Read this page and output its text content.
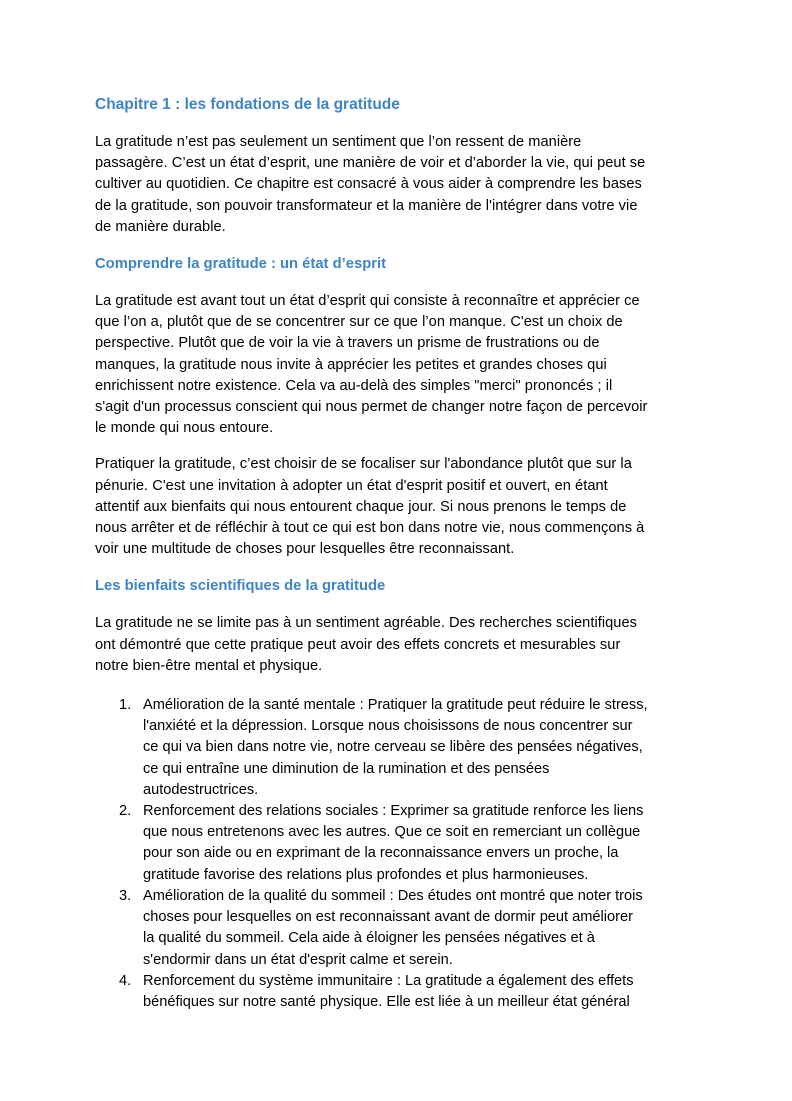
Chapitre 1 : les fondations de la gratitude

La gratitude n’est pas seulement un sentiment que l’on ressent de manière
passagère. C’est un état d’esprit, une manière de voir et d’aborder la vie, qui peut se
cultiver au quotidien. Ce chapitre est consacré à vous aider à comprendre les bases
de la gratitude, son pouvoir transformateur et la manière de l'intégrer dans votre vie
de manière durable.

Comprendre la gratitude : un état d’esprit

La gratitude est avant tout un état d’esprit qui consiste à reconnaître et apprécier ce
que l’on a, plutôt que de se concentrer sur ce que l’on manque. C'est un choix de
perspective. Plutôt que de voir la vie à travers un prisme de frustrations ou de
manques, la gratitude nous invite à apprécier les petites et grandes choses qui
enrichissent notre existence. Cela va au-delà des simples "merci" prononcés ; il
s'agit d'un processus conscient qui nous permet de changer notre façon de percevoir
le monde qui nous entoure.

Pratiquer la gratitude, c’est choisir de se focaliser sur l'abondance plutôt que sur la
pénurie. C'est une invitation à adopter un état d'esprit positif et ouvert, en étant
attentif aux bienfaits qui nous entourent chaque jour. Si nous prenons le temps de
nous arrêter et de réfléchir à tout ce qui est bon dans notre vie, nous commençons à
voir une multitude de choses pour lesquelles être reconnaissant.

Les bienfaits scientifiques de la gratitude

La gratitude ne se limite pas à un sentiment agréable. Des recherches scientifiques
ont démontré que cette pratique peut avoir des effets concrets et mesurables sur
notre bien-être mental et physique.

1. Amélioration de la santé mentale : Pratiquer la gratitude peut réduire le stress,
l'anxiété et la dépression. Lorsque nous choisissons de nous concentrer sur
ce qui va bien dans notre vie, notre cerveau se libère des pensées négatives,
ce qui entraîne une diminution de la rumination et des pensées
autodestructrices.
2. Renforcement des relations sociales : Exprimer sa gratitude renforce les liens
que nous entretenons avec les autres. Que ce soit en remerciant un collègue
pour son aide ou en exprimant de la reconnaissance envers un proche, la
gratitude favorise des relations plus profondes et plus harmonieuses.
3. Amélioration de la qualité du sommeil : Des études ont montré que noter trois
choses pour lesquelles on est reconnaissant avant de dormir peut améliorer
la qualité du sommeil. Cela aide à éloigner les pensées négatives et à
s'endormir dans un état d'esprit calme et serein.
4. Renforcement du système immunitaire : La gratitude a également des effets
bénéfiques sur notre santé physique. Elle est liée à un meilleur état général
